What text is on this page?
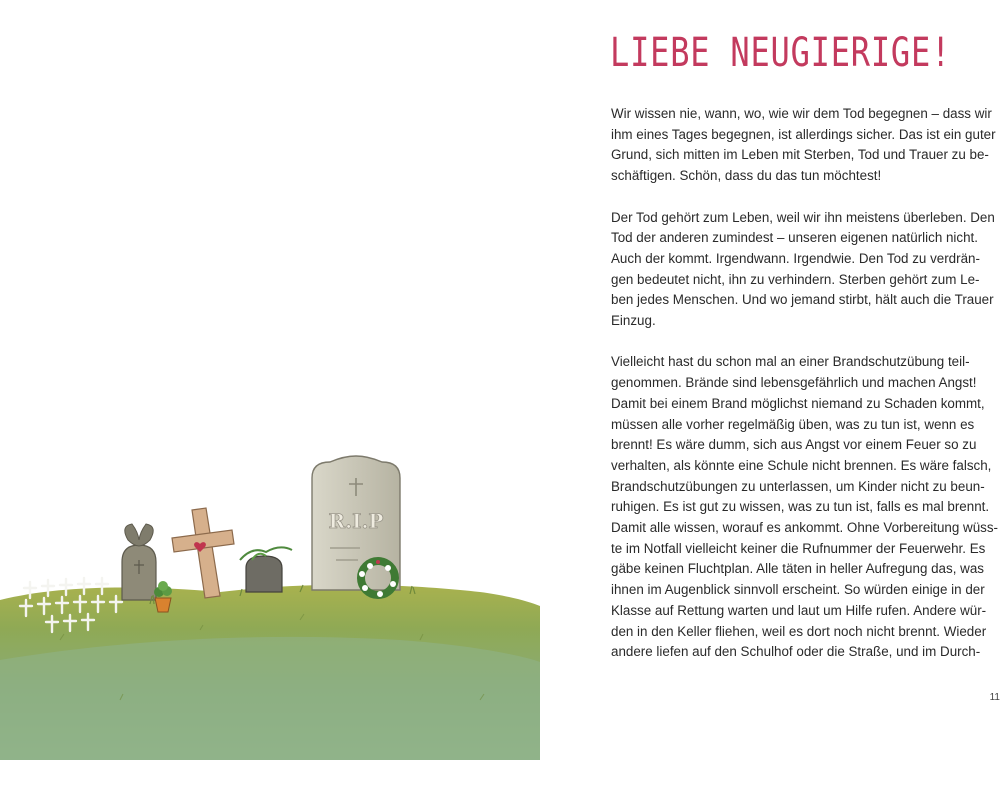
R.I.P
LIEBE NEUGIERIGE!

Wir wissen nie, wann, wo, wie wir dem Tod begegnen – dass wir
ihm eines Tages begegnen, ist allerdings sicher. Das ist ein guter
Grund, sich mitten im Leben mit Sterben, Tod und Trauer zu be-
schäftigen. Schön, dass du das tun möchtest!

Der Tod gehört zum Leben, weil wir ihn meistens überleben. Den
Tod der anderen zumindest – unseren eigenen natürlich nicht.
Auch der kommt. Irgendwann. Irgendwie. Den Tod zu verdrän-
gen bedeutet nicht, ihn zu verhindern. Sterben gehört zum Le-
ben jedes Menschen. Und wo jemand stirbt, hält auch die Trauer
Einzug.

Vielleicht hast du schon mal an einer Brandschutzübung teil-
genommen. Brände sind lebensgefährlich und machen Angst!
Damit bei einem Brand möglichst niemand zu Schaden kommt,
müssen alle vorher regelmäßig üben, was zu tun ist, wenn es
brennt! Es wäre dumm, sich aus Angst vor einem Feuer so zu
verhalten, als könnte eine Schule nicht brennen. Es wäre falsch,
Brandschutzübungen zu unterlassen, um Kinder nicht zu beun-
ruhigen. Es ist gut zu wissen, was zu tun ist, falls es mal brennt.
Damit alle wissen, worauf es ankommt. Ohne Vorbereitung wüss-
te im Notfall vielleicht keiner die Rufnummer der Feuerwehr. Es
gäbe keinen Fluchtplan. Alle täten in heller Aufregung das, was
ihnen im Augenblick sinnvoll erscheint. So würden einige in der
Klasse auf Rettung warten und laut um Hilfe rufen. Andere wür-
den in den Keller fliehen, weil es dort noch nicht brennt. Wieder
andere liefen auf den Schulhof oder die Straße, und im Durch-

11
